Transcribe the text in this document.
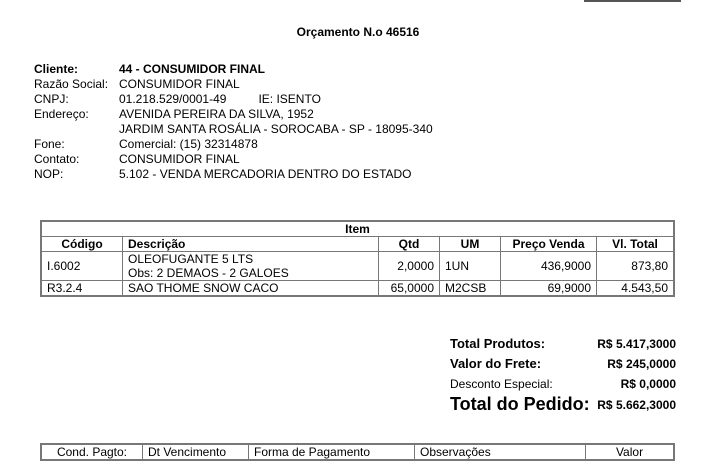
Orçamento N.o 46516
Cliente:	44 - CONSUMIDOR FINAL
Razão Social: CONSUMIDOR FINAL
CNPJ:	01.218.529/0001-49	IE: ISENTO
Endereço:	AVENIDA PEREIRA DA SILVA, 1952
JARDIM SANTA ROSÁLIA - SOROCABA - SP - 18095-340
Fone:	Comercial: (15) 32314878
Contato:	CONSUMIDOR FINAL
NOP:	5.102 - VENDA MERCADORIA DENTRO DO ESTADO
Item					
Código	Descrição	Qtd	UM	Preço Venda	Vl. Total
I.6002	OLEOFUGANTE 5 LTS
Obs: 2 DEMAOS - 2 GALOES	2,0000	1UN	436,9000	873,80
R3.2.4	SAO THOME SNOW CACO	65,0000	M2CSB	69,9000	4.543,50
Total Produtos:	R$ 5.417,3000
Valor do Frete:	R$ 245,0000
Desconto Especial:	R$ 0,0000
Total do Pedido: R$ 5.662,3000
Cond. Pagto:	Dt Vencimento	Forma de Pagamento	Observações	Valor
